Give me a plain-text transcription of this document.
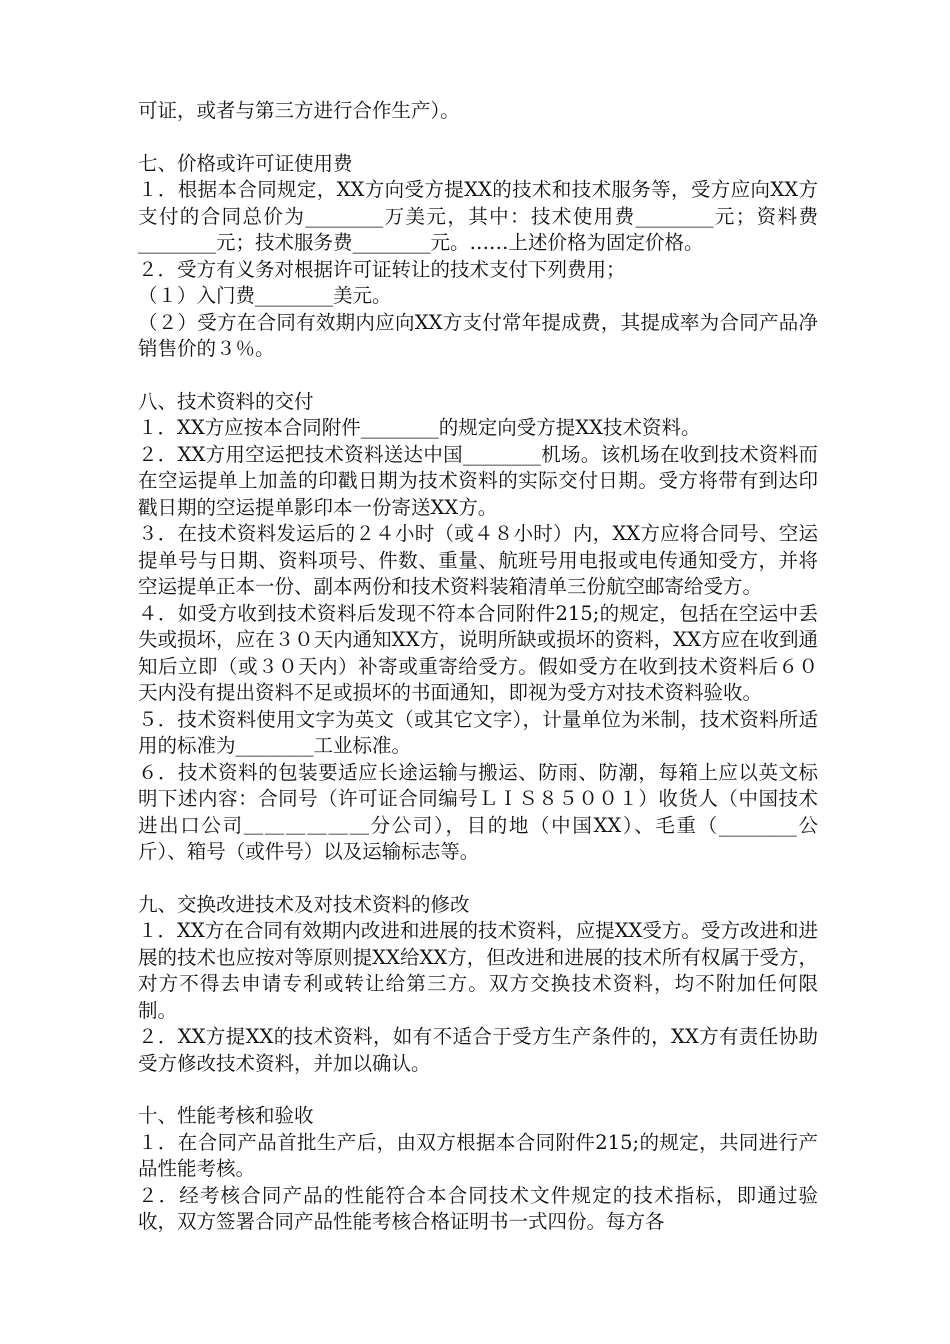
可证，或者与第三方进行合作生产）。
七、价格或许可证使用费
１．根据本合同规定，XX方向受方提XX的技术和技术服务等，受方应向XX方支付的合同总价为________万美元，其中：技术使用费________元；资料费________元；技术服务费________元。……上述价格为固定价格。
２．受方有义务对根据许可证转让的技术支付下列费用；
（１）入门费________美元。
（２）受方在合同有效期内应向XX方支付常年提成费，其提成率为合同产品净销售价的３％。
八、技术资料的交付
１．XX方应按本合同附件________的规定向受方提XX技术资料。
２．XX方用空运把技术资料送达中国________机场。该机场在收到技术资料而在空运提单上加盖的印戳日期为技术资料的实际交付日期。受方将带有到达印戳日期的空运提单影印本一份寄送XX方。
３．在技术资料发运后的２４小时（或４８小时）内，XX方应将合同号、空运提单号与日期、资料项号、件数、重量、航班号用电报或电传通知受方，并将空运提单正本一份、副本两份和技术资料装箱清单三份航空邮寄给受方。
４．如受方收到技术资料后发现不符本合同附件215;的规定，包括在空运中丢失或损坏，应在３０天内通知XX方，说明所缺或损坏的资料，XX方应在收到通知后立即（或３０天内）补寄或重寄给受方。假如受方在收到技术资料后６０天内没有提出资料不足或损坏的书面通知，即视为受方对技术资料验收。
５．技术资料使用文字为英文（或其它文字），计量单位为米制，技术资料所适用的标准为________工业标准。
６．技术资料的包装要适应长途运输与搬运、防雨、防潮，每箱上应以英文标明下述内容：合同号（许可证合同编号ＬＩＳ８５００１）收货人（中国技术进出口公司＿＿＿＿＿＿分公司），目的地（中国XX）、毛重（________公斤）、箱号（或件号）以及运输标志等。
九、交换改进技术及对技术资料的修改
１．XX方在合同有效期内改进和进展的技术资料，应提XX受方。受方改进和进展的技术也应按对等原则提XX给XX方，但改进和进展的技术所有权属于受方，对方不得去申请专利或转让给第三方。双方交换技术资料，均不附加任何限制。
２．XX方提XX的技术资料，如有不适合于受方生产条件的，XX方有责任协助受方修改技术资料，并加以确认。
十、性能考核和验收
１．在合同产品首批生产后，由双方根据本合同附件215;的规定，共同进行产品性能考核。
２．经考核合同产品的性能符合本合同技术文件规定的技术指标，即通过验收，双方签署合同产品性能考核合格证明书一式四份。每方各
